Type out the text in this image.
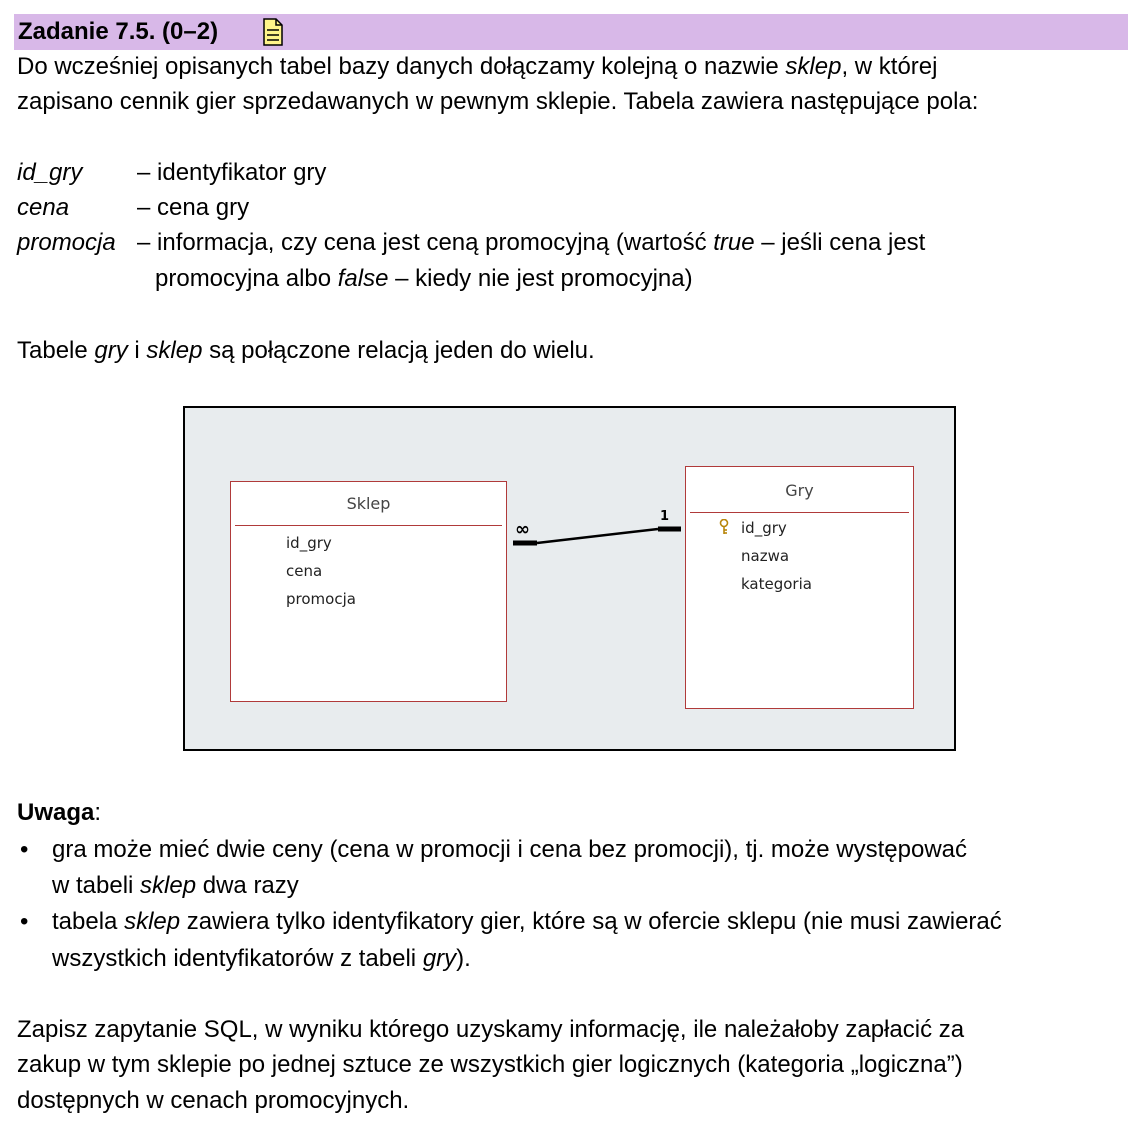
Zadanie 7.5. (0–2)
Do wcześniej opisanych tabel bazy danych dołączamy kolejną o nazwie sklep, w której
zapisano cennik gier sprzedawanych w pewnym sklepie. Tabela zawiera następujące pola:
id_gry – identyfikator gry
cena	– cena gry
promocja – informacja, czy cena jest ceną promocyjną (wartość true – jeśli cena jest
promocyjna albo false – kiedy nie jest promocyjna)
Tabele gry i sklep są połączone relacją jeden do wielu.
Sklep
id_gry
cena
promocja
Gry
id_gry
nazwa
kategoria
∞
1
Uwaga:
• gra może mieć dwie ceny (cena w promocji i cena bez promocji), tj. może występować
w tabeli sklep dwa razy
• tabela sklep zawiera tylko identyfikatory gier, które są w ofercie sklepu (nie musi zawierać
wszystkich identyfikatorów z tabeli gry).
Zapisz zapytanie SQL, w wyniku którego uzyskamy informację, ile należałoby zapłacić za
zakup w tym sklepie po jednej sztuce ze wszystkich gier logicznych (kategoria „logiczna”)
dostępnych w cenach promocyjnych.
